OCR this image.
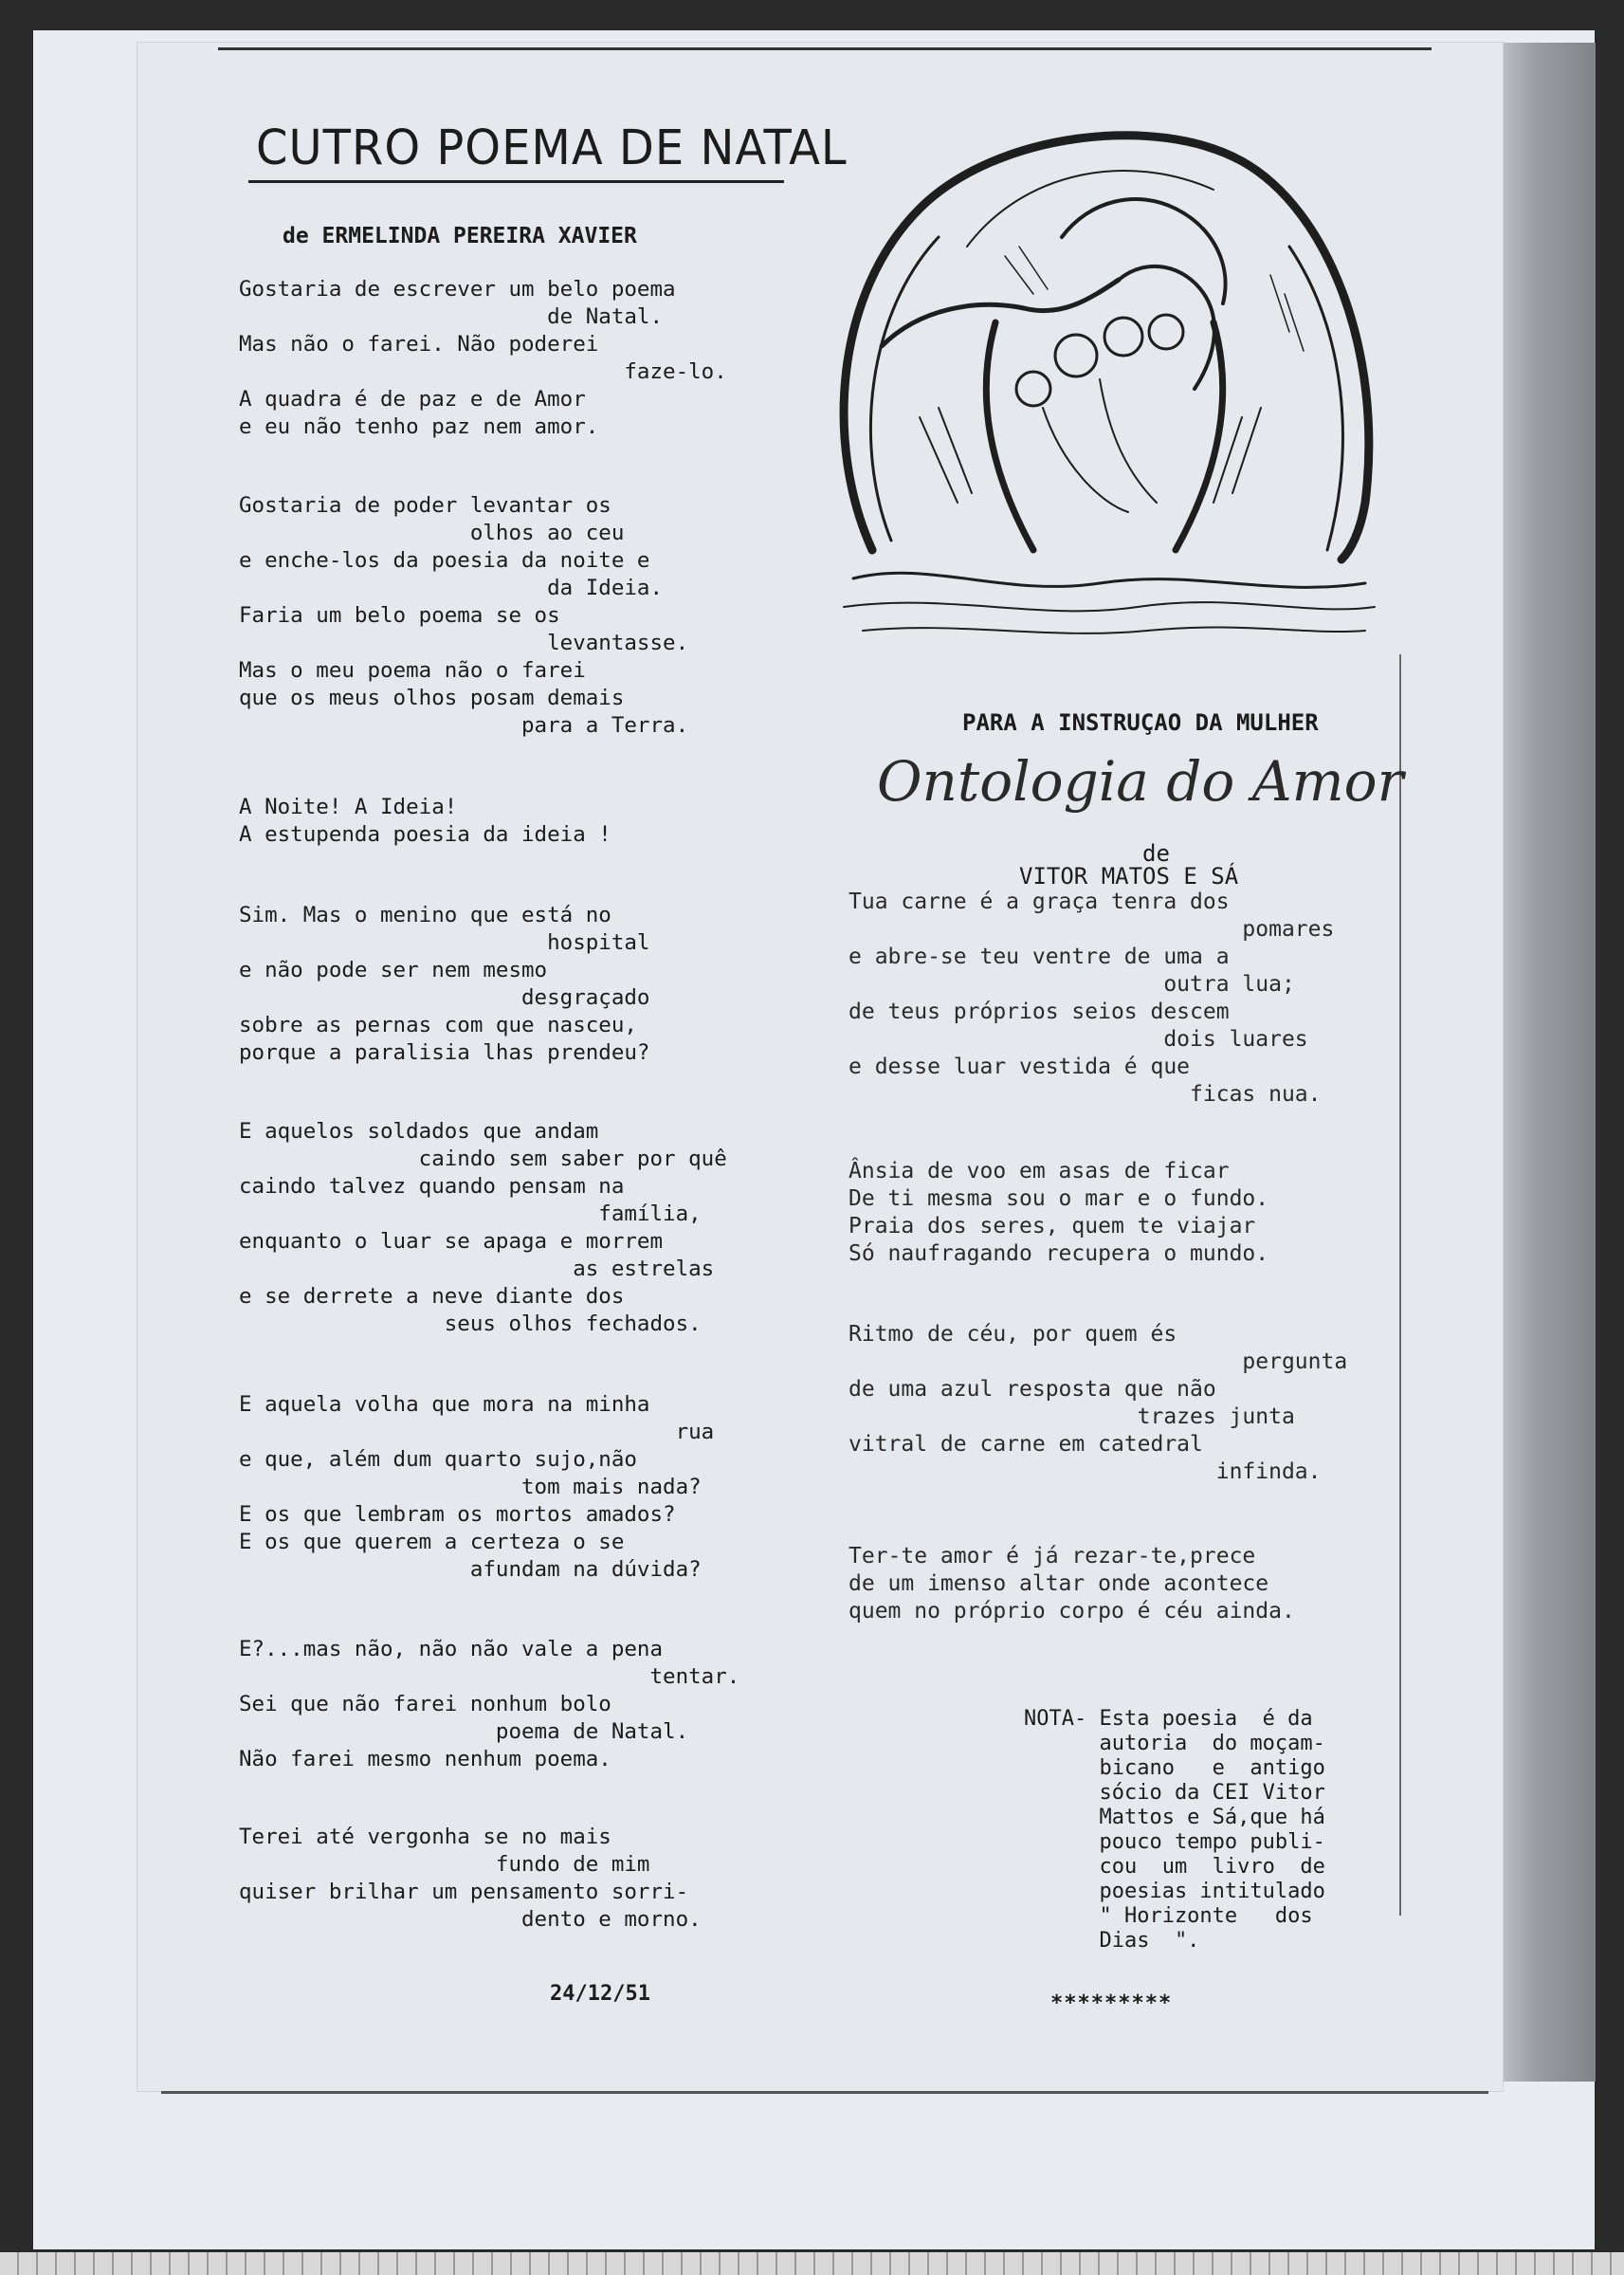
CUTRO POEMA DE NATAL
de ERMELINDA PEREIRA XAVIER
Gostaria de escrever um belo poema
de Natal.
Mas não o farei. Não poderei
faze-lo.
A quadra é de paz e de Amor
e eu não tenho paz nem amor.
Gostaria de poder levantar os
olhos ao ceu
e enche-los da poesia da noite e
da Ideia.
Faria um belo poema se os
levantasse.
Mas o meu poema não o farei
que os meus olhos posam demais
para a Terra.
A Noite! A Ideia!
A estupenda poesia da ideia !
Sim. Mas o menino que está no
hospital
e não pode ser nem mesmo
desgraçado
sobre as pernas com que nasceu,
porque a paralisia lhas prendeu?
E aquelos soldados que andam
caindo sem saber por quê
caindo talvez quando pensam na
família,
enquanto o luar se apaga e morrem
as estrelas
e se derrete a neve diante dos
seus olhos fechados.
E aquela volha que mora na minha
rua
e que, além dum quarto sujo,não
tom mais nada?
E os que lembram os mortos amados?
E os que querem a certeza o se
afundam na dúvida?
E?...mas não, não não vale a pena
tentar.
Sei que não farei nonhum bolo
poema de Natal.
Não farei mesmo nenhum poema.
Terei até vergonha se no mais
fundo de mim
quiser brilhar um pensamento sorri-
dento e morno.
24/12/51
PARA A INSTRUÇAO DA MULHER
Ontologia do Amor
de
VITOR MATOS E SÁ
Tua carne é a graça tenra dos
pomares
e abre-se teu ventre de uma a
outra lua;
de teus próprios seios descem
dois luares
e desse luar vestida é que
ficas nua.
Ânsia de voo em asas de ficar
De ti mesma sou o mar e o fundo.
Praia dos seres, quem te viajar
Só naufragando recupera o mundo.
Ritmo de céu, por quem és
pergunta
de uma azul resposta que não
trazes junta
vitral de carne em catedral
infinda.
Ter-te amor é já rezar-te,prece
de um imenso altar onde acontece
quem no próprio corpo é céu ainda.
NOTA- Esta poesia  é da
autoria  do moçam-
bicano   e  antigo
sócio da CEI Vitor
Mattos e Sá,que há
pouco tempo publi-
cou  um  livro  de
poesias intitulado
" Horizonte   dos
Dias  ".
*********
